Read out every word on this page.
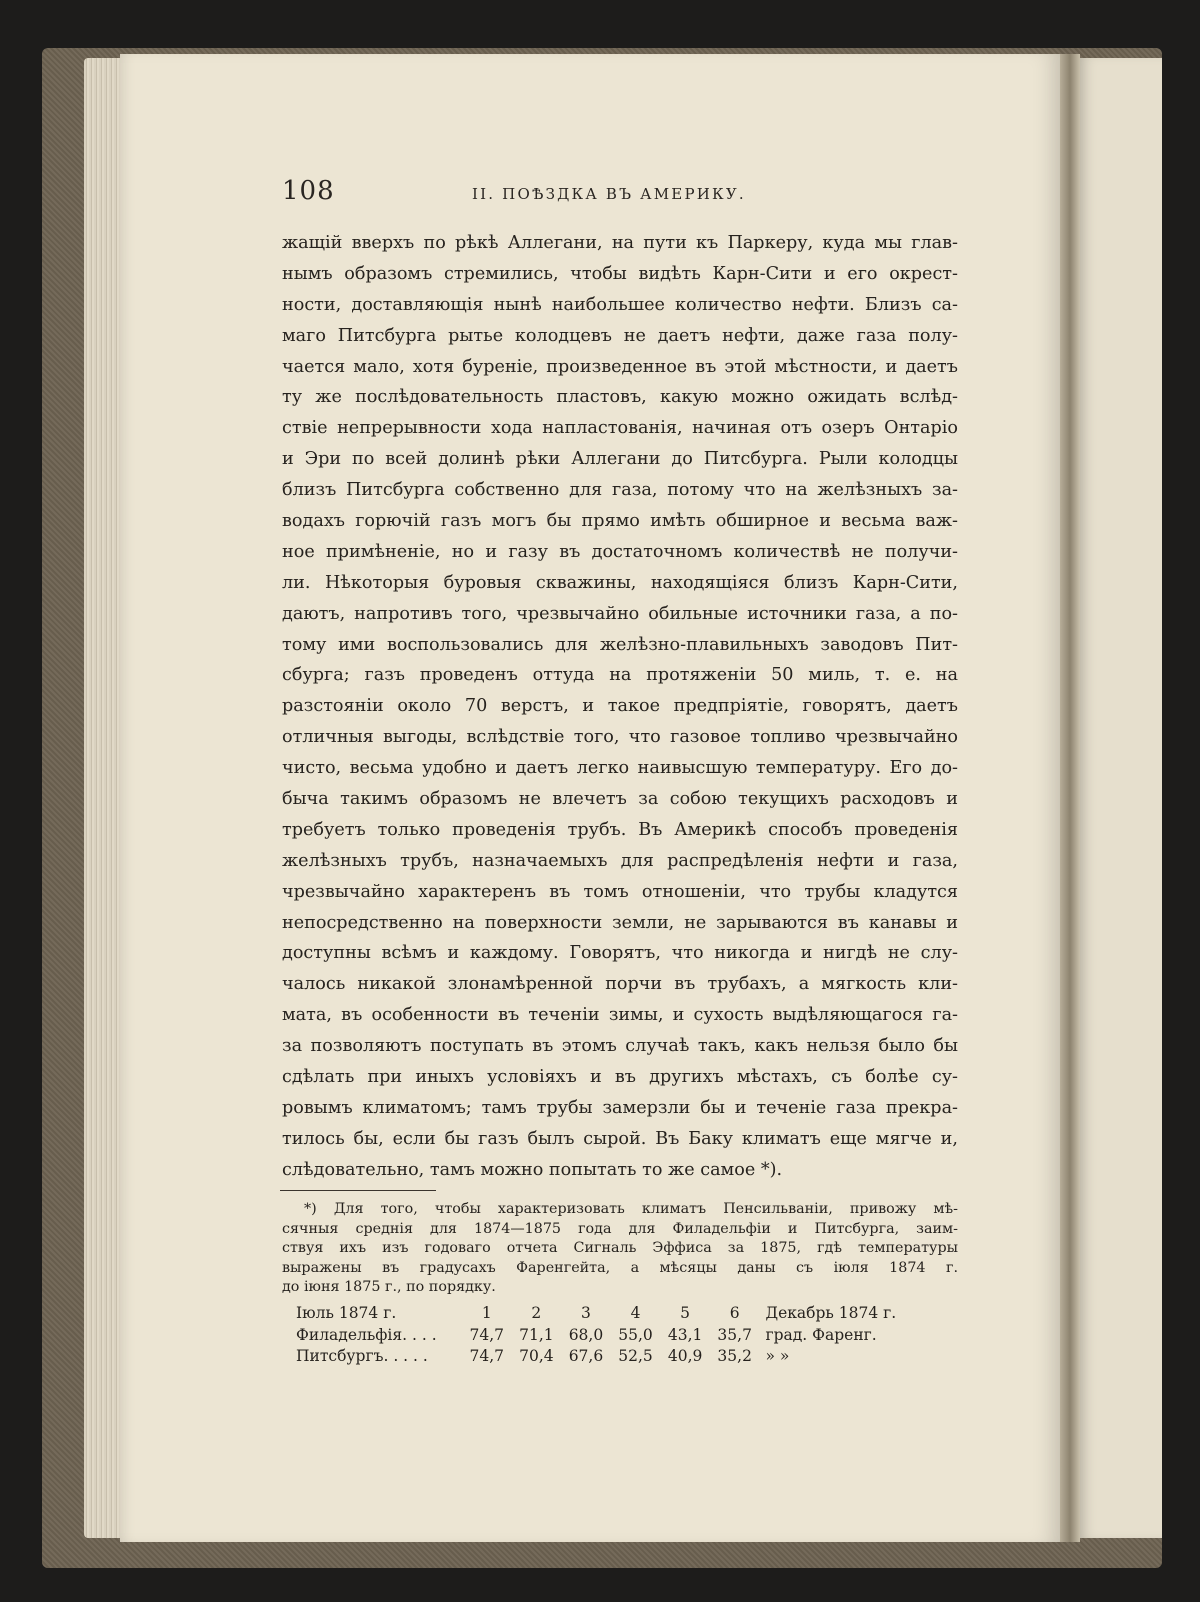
108	II. ПОѢЗДКА ВЪ АМЕРИКУ.
жащій вверхъ по рѣкѣ Аллегани, на пути къ Паркеру, куда мы глав-
нымъ образомъ стремились, чтобы видѣть Карн-Сити и его окрест-
ности, доставляющія нынѣ наибольшее количество нефти. Близъ са-
маго Питсбурга рытье колодцевъ не даетъ нефти, даже газа полу-
чается мало, хотя буреніе, произведенное въ этой мѣстности, и даетъ
ту же послѣдовательность пластовъ, какую можно ожидать вслѣд-
ствіе непрерывности хода напластованія, начиная отъ озеръ Онтаріо
и Эри по всей долинѣ рѣки Аллегани до Питсбурга. Рыли колодцы
близъ Питсбурга собственно для газа, потому что на желѣзныхъ за-
водахъ горючій газъ могъ бы прямо имѣть обширное и весьма важ-
ное примѣненіе, но и газу въ достаточномъ количествѣ не получи-
ли. Нѣкоторыя буровыя скважины, находящіяся близъ Карн-Сити,
даютъ, напротивъ того, чрезвычайно обильные источники газа, а по-
тому ими воспользовались для желѣзно-плавильныхъ заводовъ Пит-
сбурга; газъ проведенъ оттуда на протяженіи 50 миль, т. е. на
разстояніи около 70 верстъ, и такое предпріятіе, говорятъ, даетъ
отличныя выгоды, вслѣдствіе того, что газовое топливо чрезвычайно
чисто, весьма удобно и даетъ легко наивысшую температуру. Его до-
быча такимъ образомъ не влечетъ за собою текущихъ расходовъ и
требуетъ только проведенія трубъ. Въ Америкѣ способъ проведенія
желѣзныхъ трубъ, назначаемыхъ для распредѣленія нефти и газа,
чрезвычайно характеренъ въ томъ отношеніи, что трубы кладутся
непосредственно на поверхности земли, не зарываются въ канавы и
доступны всѣмъ и каждому. Говорятъ, что никогда и нигдѣ не слу-
чалось никакой злонамѣренной порчи въ трубахъ, а мягкость кли-
мата, въ особенности въ теченіи зимы, и сухость выдѣляющагося га-
за позволяютъ поступать въ этомъ случаѣ такъ, какъ нельзя было бы
сдѣлать при иныхъ условіяхъ и въ другихъ мѣстахъ, съ болѣе су-
ровымъ климатомъ; тамъ трубы замерзли бы и теченіе газа прекра-
тилось бы, если бы газъ былъ сырой. Въ Баку климатъ еще мягче и,
слѣдовательно, тамъ можно попытать то же самое *).
*) Для того, чтобы характеризовать климатъ Пенсильваніи, привожу мѣ-
сячныя среднія для 1874—1875 года для Филадельфіи и Питсбурга, заим-
ствуя ихъ изъ годоваго отчета Сигналь Эффиса за 1875, гдѣ температуры
выражены въ градусахъ Фаренгейта, а мѣсяцы даны съ іюля 1874 г.
до іюня 1875 г., по порядку.
Іюль 1874 г.	1	2	3	4	5	6	Декабрь 1874 г.
Филадельфія. . . .	74,7	71,1	68,0	55,0	43,1	35,7	град. Фаренг.
Питсбургъ. . . . .	74,7	70,4	67,6	52,5	40,9	35,2	» »
